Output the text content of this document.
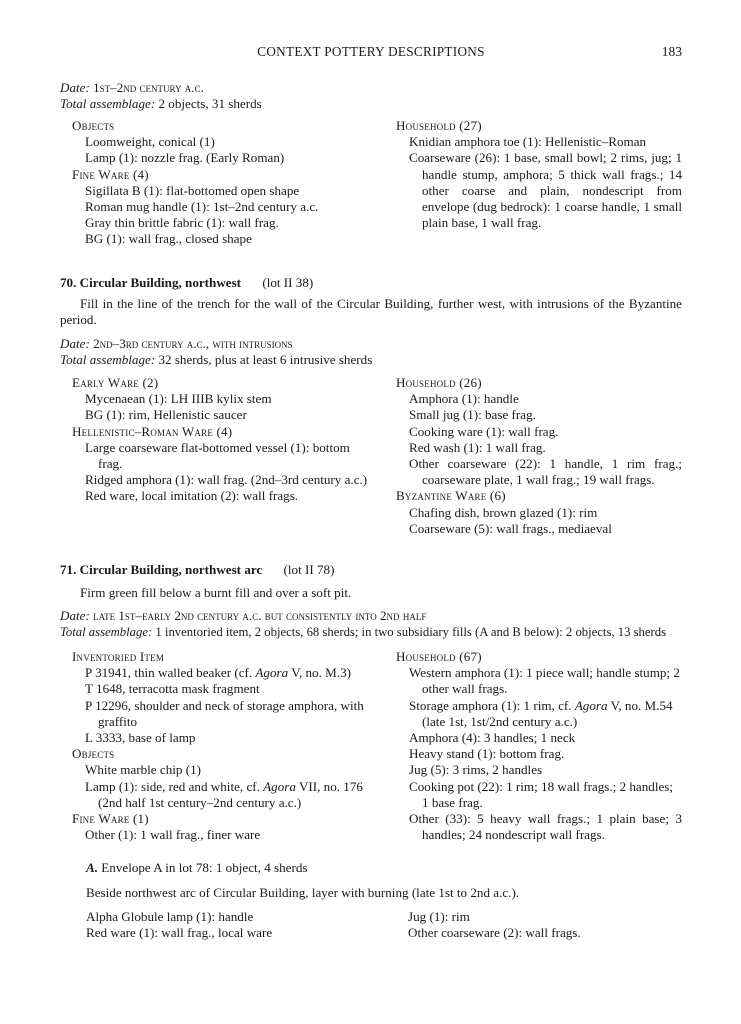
CONTEXT POTTERY DESCRIPTIONS	183
Date: 1st–2nd century a.c.
Total assemblage: 2 objects, 31 sherds
Objects
Loomweight, conical (1)
Lamp (1): nozzle frag. (Early Roman)
Fine Ware (4)
Sigillata B (1): flat-bottomed open shape
Roman mug handle (1): 1st–2nd century a.c.
Gray thin brittle fabric (1): wall frag.
BG (1): wall frag., closed shape
Household (27)
Knidian amphora toe (1): Hellenistic–Roman
Coarseware (26): 1 base, small bowl; 2 rims, jug; 1 handle stump, amphora; 5 thick wall frags.; 14 other coarse and plain, nondescript from envelope (dug bedrock): 1 coarse handle, 1 small plain base, 1 wall frag.
70. Circular Building, northwest (lot II 38)
Fill in the line of the trench for the wall of the Circular Building, further west, with intrusions of the Byzantine period.
Date: 2nd–3rd century a.c., with intrusions
Total assemblage: 32 sherds, plus at least 6 intrusive sherds
Early Ware (2)
Mycenaean (1): LH IIIB kylix stem
BG (1): rim, Hellenistic saucer
Hellenistic–Roman Ware (4)
Large coarseware flat-bottomed vessel (1): bottom frag.
Ridged amphora (1): wall frag. (2nd–3rd century a.c.)
Red ware, local imitation (2): wall frags.
Household (26)
Amphora (1): handle
Small jug (1): base frag.
Cooking ware (1): wall frag.
Red wash (1): 1 wall frag.
Other coarseware (22): 1 handle, 1 rim frag.; coarseware plate, 1 wall frag.; 19 wall frags.
Byzantine Ware (6)
Chafing dish, brown glazed (1): rim
Coarseware (5): wall frags., mediaeval
71. Circular Building, northwest arc (lot II 78)
Firm green fill below a burnt fill and over a soft pit.
Date: late 1st–early 2nd century a.c. but consistently into 2nd half
Total assemblage: 1 inventoried item, 2 objects, 68 sherds; in two subsidiary fills (A and B below): 2 objects, 13 sherds
Inventoried Item
P 31941, thin walled beaker (cf. Agora V, no. M.3)
T 1648, terracotta mask fragment
P 12296, shoulder and neck of storage amphora, with graffito
L 3333, base of lamp
Objects
White marble chip (1)
Lamp (1): side, red and white, cf. Agora VII, no. 176 (2nd half 1st century–2nd century a.c.)
Fine Ware (1)
Other (1): 1 wall frag., finer ware
Household (67)
Western amphora (1): 1 piece wall; handle stump; 2 other wall frags.
Storage amphora (1): 1 rim, cf. Agora V, no. M.54 (late 1st, 1st/2nd century a.c.)
Amphora (4): 3 handles; 1 neck
Heavy stand (1): bottom frag.
Jug (5): 3 rims, 2 handles
Cooking pot (22): 1 rim; 18 wall frags.; 2 handles; 1 base frag.
Other (33): 5 heavy wall frags.; 1 plain base; 3 handles; 24 nondescript wall frags.
A. Envelope A in lot 78: 1 object, 4 sherds
Beside northwest arc of Circular Building, layer with burning (late 1st to 2nd a.c.).
Alpha Globule lamp (1): handle
Red ware (1): wall frag., local ware
Jug (1): rim
Other coarseware (2): wall frags.
